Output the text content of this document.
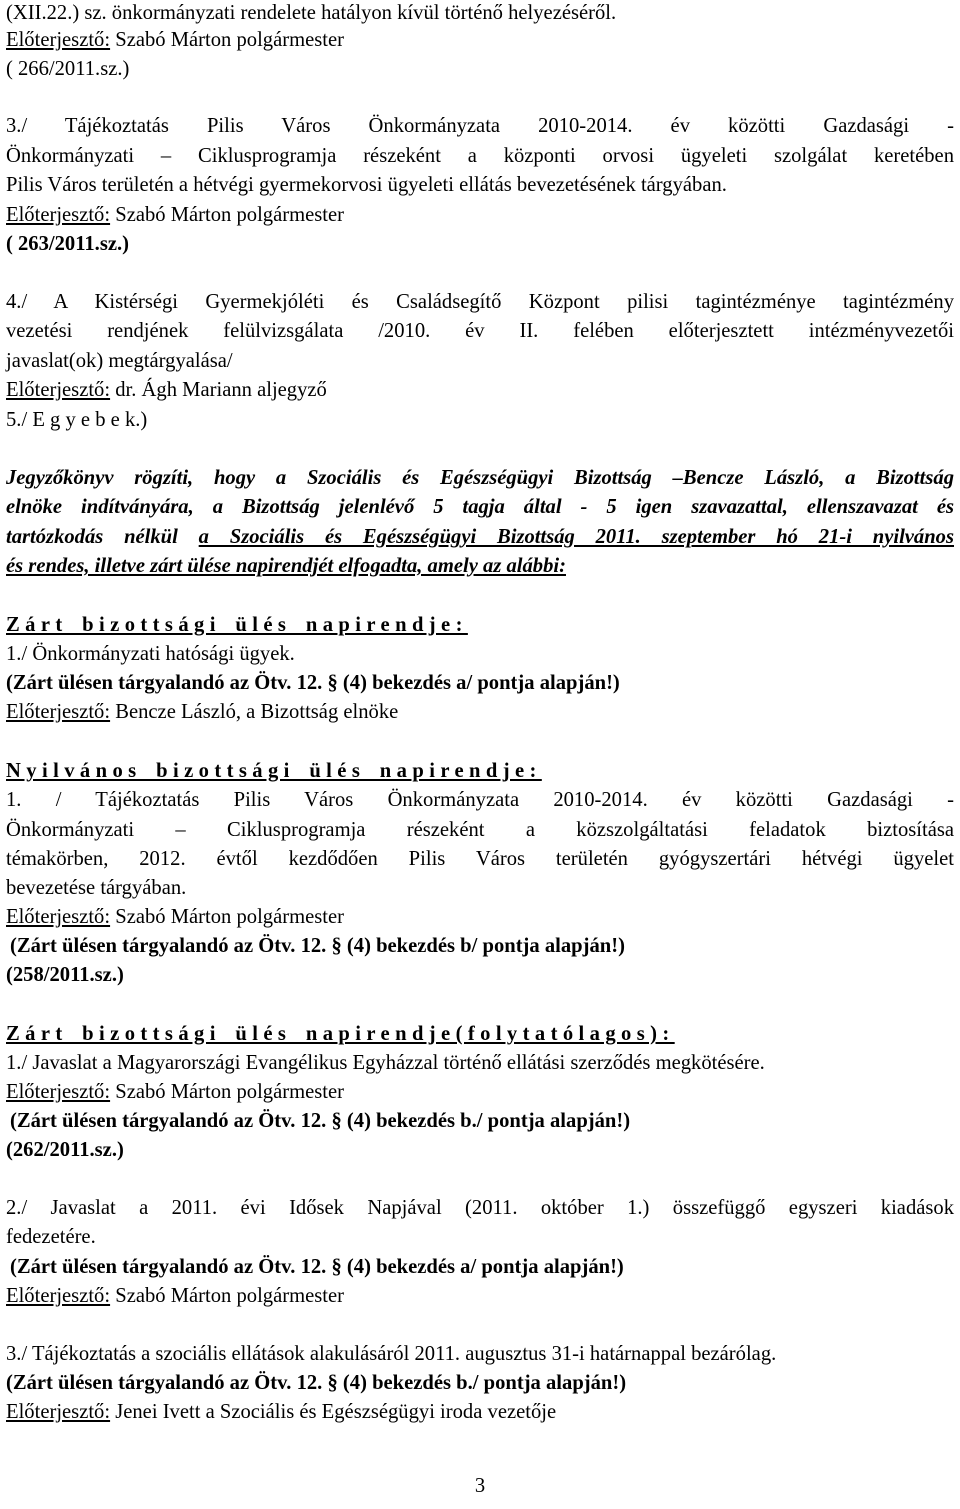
(XII.22.) sz. önkormányzati rendelete hatályon kívül történő helyezéséről.
Előterjesztő: Szabó Márton polgármester
( 266/2011.sz.)
3./ Tájékoztatás Pilis Város Önkormányzata 2010-2014. év közötti Gazdasági -
Önkormányzati – Ciklusprogramja részeként a központi orvosi ügyeleti szolgálat keretében
Pilis Város területén a hétvégi gyermekorvosi ügyeleti ellátás bevezetésének tárgyában.
Előterjesztő: Szabó Márton polgármester
( 263/2011.sz.)
4./ A Kistérségi Gyermekjóléti és Családsegítő Központ pilisi tagintézménye tagintézmény
vezetési rendjének felülvizsgálata /2010. év II. felében előterjesztett intézményvezetői
javaslat(ok) megtárgyalása/
Előterjesztő: dr. Ágh Mariann aljegyző
5./ E g y e b e k.)
Jegyzőkönyv rögzíti, hogy a Szociális és Egészségügyi Bizottság –Bencze László, a Bizottság
elnöke indítványára, a Bizottság jelenlévő 5 tagja által - 5 igen szavazattal, ellenszavazat és
tartózkodás nélkül a Szociális és Egészségügyi Bizottság 2011. szeptember hó 21-i nyilvános
és rendes, illetve zárt ülése napirendjét elfogadta, amely az alábbi:
Zárt bizottsági ülés napirendje:
1./ Önkormányzati hatósági ügyek.
(Zárt ülésen tárgyalandó az Ötv. 12. § (4) bekezdés a/ pontja alapján!)
Előterjesztő: Bencze László, a Bizottság elnöke
Nyilvános bizottsági ülés napirendje:
1. / Tájékoztatás Pilis Város Önkormányzata 2010-2014. év közötti Gazdasági -
Önkormányzati – Ciklusprogramja részeként a közszolgáltatási feladatok biztosítása
témakörben, 2012. évtől kezdődően Pilis Város területén gyógyszertári hétvégi ügyelet
bevezetése tárgyában.
Előterjesztő: Szabó Márton polgármester
(Zárt ülésen tárgyalandó az Ötv. 12. § (4) bekezdés b/ pontja alapján!)
(258/2011.sz.)
Zárt bizottsági ülés napirendje(folytatólagos):
1./ Javaslat a Magyarországi Evangélikus Egyházzal történő ellátási szerződés megkötésére.
Előterjesztő: Szabó Márton polgármester
(Zárt ülésen tárgyalandó az Ötv. 12. § (4) bekezdés b./ pontja alapján!)
(262/2011.sz.)
2./ Javaslat a 2011. évi Idősek Napjával (2011. október 1.) összefüggő egyszeri kiadások
fedezetére.
(Zárt ülésen tárgyalandó az Ötv. 12. § (4) bekezdés a/ pontja alapján!)
Előterjesztő: Szabó Márton polgármester
3./ Tájékoztatás a szociális ellátások alakulásáról 2011. augusztus 31-i határnappal bezárólag.
(Zárt ülésen tárgyalandó az Ötv. 12. § (4) bekezdés b./ pontja alapján!)
Előterjesztő: Jenei Ivett a Szociális és Egészségügyi iroda vezetője
3
